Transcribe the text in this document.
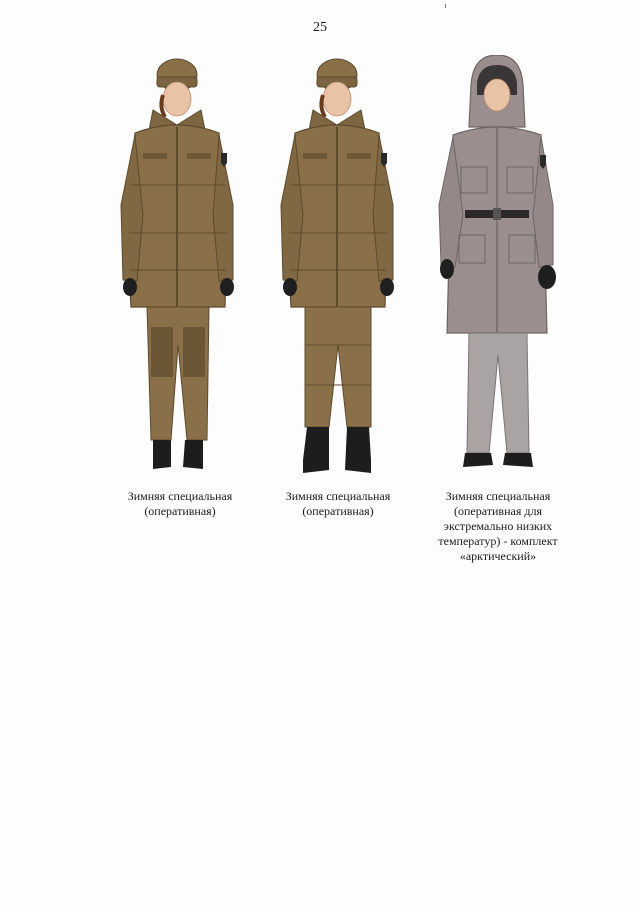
25
Зимняя специальная
(оперативная)
Зимняя специальная
(оперативная)
Зимняя специальная
(оперативная для
экстремально низких
температур) - комплект
«арктический»
